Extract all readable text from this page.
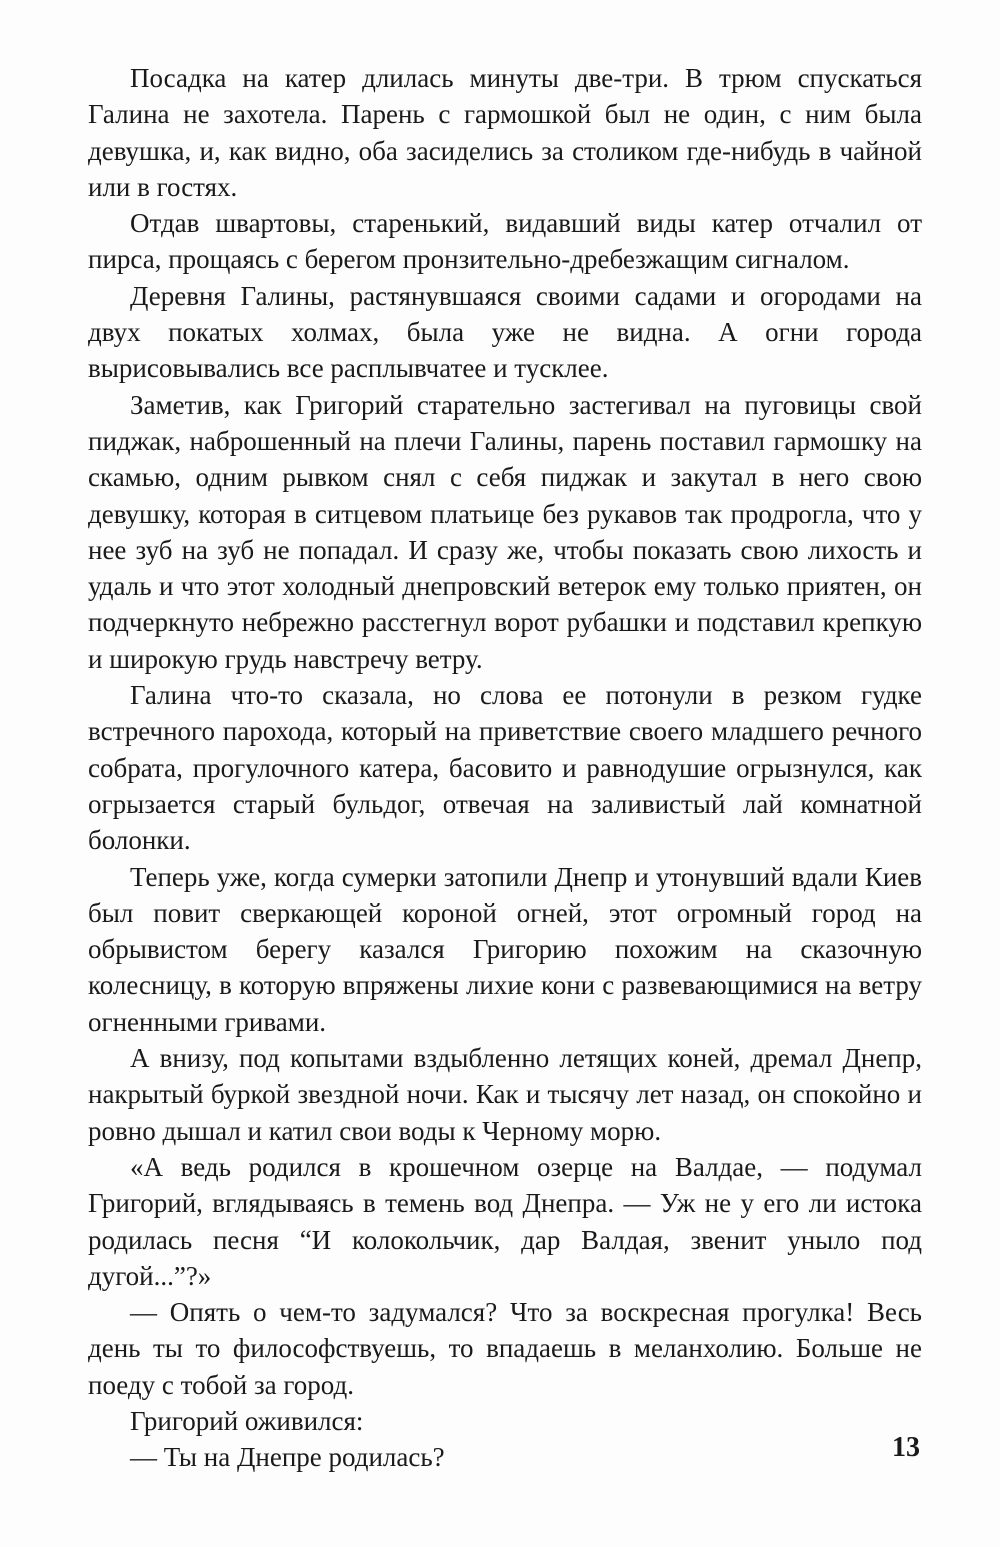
Посадка на катер длилась минуты две-три. В трюм спускаться Галина не захотела. Парень с гармошкой был не один, с ним была девушка, и, как видно, оба засиделись за столиком где-нибудь в чайной или в гостях.

Отдав швартовы, старенький, видавший виды катер отчалил от пирса, прощаясь с берегом пронзительно-дребезжащим сигналом.

Деревня Галины, растянувшаяся своими садами и огородами на двух покатых холмах, была уже не видна. А огни города вырисовывались все расплывчатее и тусклее.

Заметив, как Григорий старательно застегивал на пуговицы свой пиджак, наброшенный на плечи Галины, парень поставил гармошку на скамью, одним рывком снял с себя пиджак и закутал в него свою девушку, которая в ситцевом платьице без рукавов так продрогла, что у нее зуб на зуб не попадал. И сразу же, чтобы показать свою лихость и удаль и что этот холодный днепровский ветерок ему только приятен, он подчеркнуто небрежно расстегнул ворот рубашки и подставил крепкую и широкую грудь навстречу ветру.

Галина что-то сказала, но слова ее потонули в резком гудке встречного парохода, который на приветствие своего младшего речного собрата, прогулочного катера, басовито и равнодушие огрызнулся, как огрызается старый бульдог, отвечая на заливистый лай комнатной болонки.

Теперь уже, когда сумерки затопили Днепр и утонувший вдали Киев был повит сверкающей короной огней, этот огромный город на обрывистом берегу казался Григорию похожим на сказочную колесницу, в которую впряжены лихие кони с развевающимися на ветру огненными гривами.

А внизу, под копытами вздыбленно летящих коней, дремал Днепр, накрытый буркой звездной ночи. Как и тысячу лет назад, он спокойно и ровно дышал и катил свои воды к Черному морю.

«А ведь родился в крошечном озерце на Валдае, — подумал Григорий, вглядываясь в темень вод Днепра. — Уж не у его ли истока родилась песня “И колокольчик, дар Валдая, звенит уныло под дугой...”?»

— Опять о чем-то задумался? Что за воскресная прогулка! Весь день ты то философствуешь, то впадаешь в меланхолию. Больше не поеду с тобой за город.

Григорий оживился:

— Ты на Днепре родилась?	13
